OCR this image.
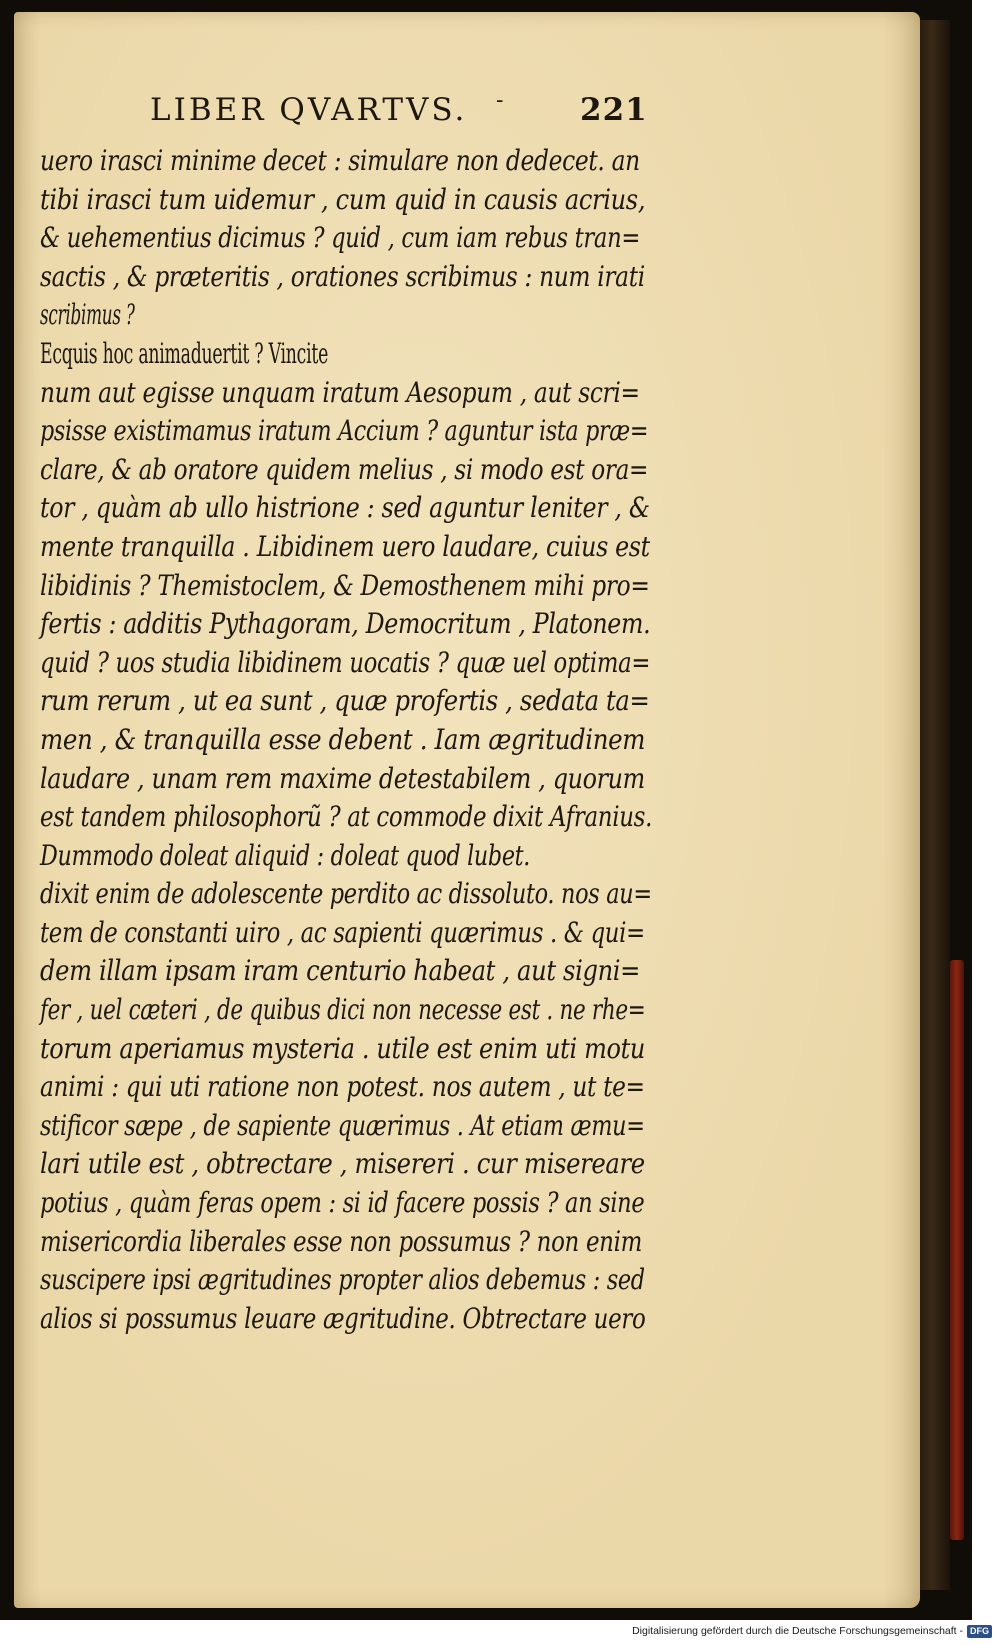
LIBER QVARTVS. - 221
uero irasci minime decet : simulare non dedecet. an
tibi irasci tum uidemur , cum quid in causis acrius,
& uehementius dicimus ? quid , cum iam rebus tran=
sactis , & præteritis , orationes scribimus : num irati
scribimus ?
Ecquis hoc animaduertit ? Vincite
num aut egisse unquam iratum Aesopum , aut scri=
psisse existimamus iratum Accium ? aguntur ista præ=
clare, & ab oratore quidem melius , si modo est ora=
tor , quàm ab ullo histrione : sed aguntur leniter , &
mente tranquilla . Libidinem uero laudare, cuius est
libidinis ? Themistoclem, & Demosthenem mihi pro=
fertis : additis Pythagoram, Democritum , Platonem.
quid ? uos studia libidinem uocatis ? quæ uel optima=
rum rerum , ut ea sunt , quæ profertis , sedata ta=
men , & tranquilla esse debent . Iam ægritudinem
laudare , unam rem maxime detestabilem , quorum
est tandem philosophorũ ? at commode dixit Afranius.
Dummodo doleat aliquid : doleat quod lubet.
dixit enim de adolescente perdito ac dissoluto. nos au=
tem de constanti uiro , ac sapienti quærimus . & qui=
dem illam ipsam iram centurio habeat , aut signi=
fer , uel cæteri , de quibus dici non necesse est . ne rhe=
torum aperiamus mysteria . utile est enim uti motu
animi : qui uti ratione non potest. nos autem , ut te=
stificor sæpe , de sapiente quærimus . At etiam æmu=
lari utile est , obtrectare , misereri . cur misereare
potius , quàm feras opem : si id facere possis ? an sine
misericordia liberales esse non possumus ? non enim
suscipere ipsi ægritudines propter alios debemus : sed
alios si possumus leuare ægritudine. Obtrectare uero
Digitalisierung gefördert durch die Deutsche Forschungsgemeinschaft - DFG
